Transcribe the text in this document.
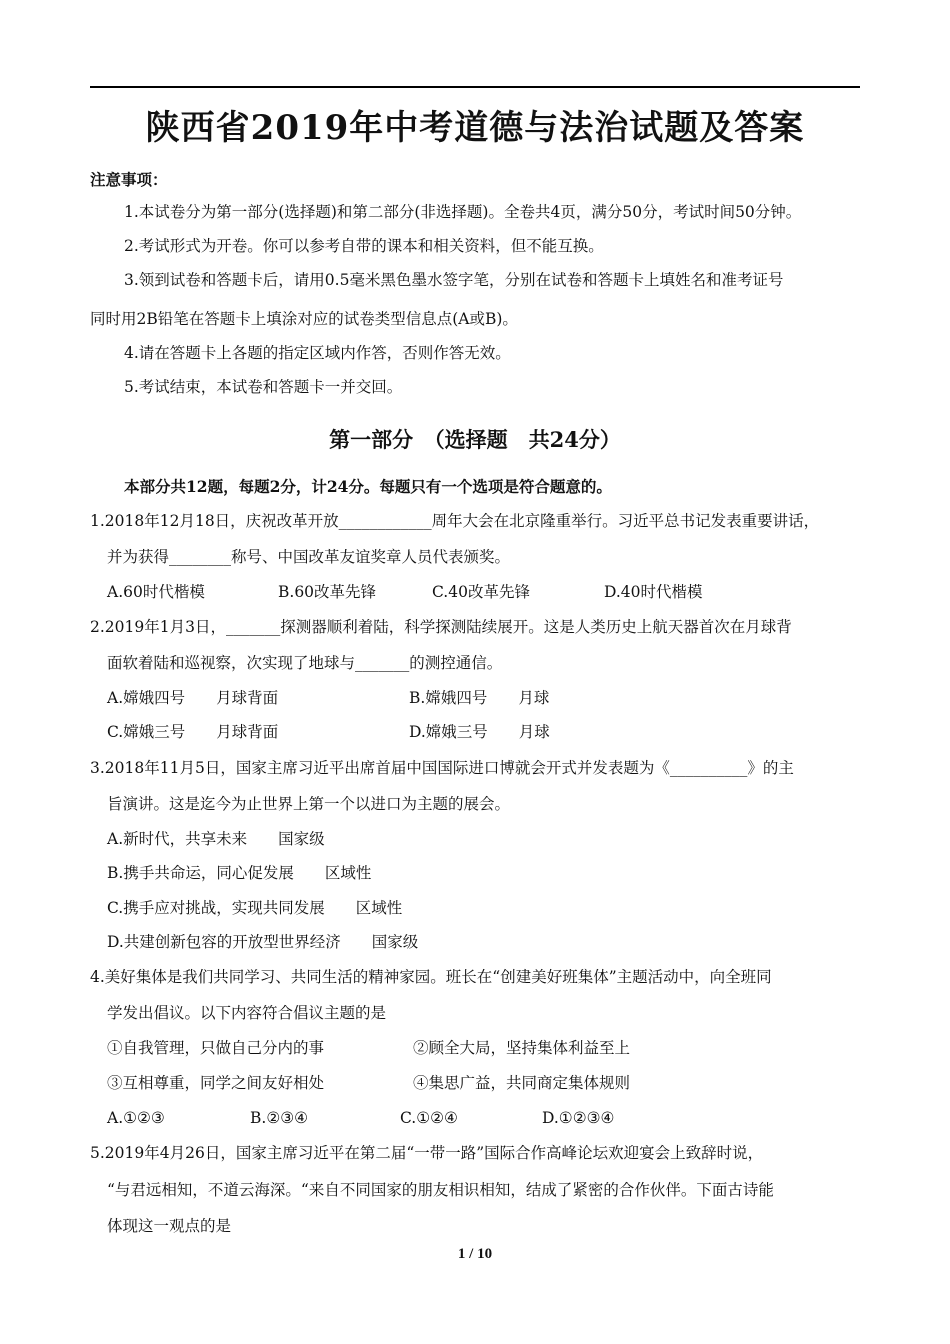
陕西省2019年中考道德与法治试题及答案
注意事项：
1.本试卷分为第一部分(选择题)和第二部分(非选择题)。全卷共4页，满分50分，考试时间50分钟。
2.考试形式为开卷。你可以参考自带的课本和相关资料，但不能互换。
3.领到试卷和答题卡后，请用0.5毫米黑色墨水签字笔，分别在试卷和答题卡上填姓名和准考证号
同时用2B铅笔在答题卡上填涂对应的试卷类型信息点(A或B)。
4.请在答题卡上各题的指定区域内作答，否则作答无效。
5.考试结束，本试卷和答题卡一并交回。
第一部分　（选择题　共24分）
本部分共12题，每题2分，计24分。每题只有一个选项是符合题意的。
1.2018年12月18日，庆祝改革开放____________周年大会在北京隆重举行。习近平总书记发表重要讲话，
并为获得________称号、中国改革友谊奖章人员代表颁奖。
A.60时代楷模	B.60改革先锋	C.40改革先锋	D.40时代楷模
2.2019年1月3日，_______探测器顺利着陆，科学探测陆续展开。这是人类历史上航天器首次在月球背
面软着陆和巡视察，次实现了地球与_______的测控通信。
A.嫦娥四号　　月球背面	B.嫦娥四号　　月球
C.嫦娥三号　　月球背面	D.嫦娥三号　　月球
3.2018年11月5日，国家主席习近平出席首届中国国际进口博就会开式并发表题为《__________》的主
旨演讲。这是迄今为止世界上第一个以进口为主题的展会。
A.新时代，共享未来　　国家级
B.携手共命运，同心促发展　　区域性
C.携手应对挑战，实现共同发展　　区域性
D.共建创新包容的开放型世界经济　　国家级
4.美好集体是我们共同学习、共同生活的精神家园。班长在“创建美好班集体”主题活动中，向全班同
学发出倡议。以下内容符合倡议主题的是
①自我管理，只做自己分内的事	②顾全大局，坚持集体利益至上
③互相尊重，同学之间友好相处	④集思广益，共同商定集体规则
A.①②③	B.②③④	C.①②④	D.①②③④
5.2019年4月26日，国家主席习近平在第二届“一带一路”国际合作高峰论坛欢迎宴会上致辞时说，
“与君远相知，不道云海深。“来自不同国家的朋友相识相知，结成了紧密的合作伙伴。下面古诗能
体现这一观点的是
1 / 10
